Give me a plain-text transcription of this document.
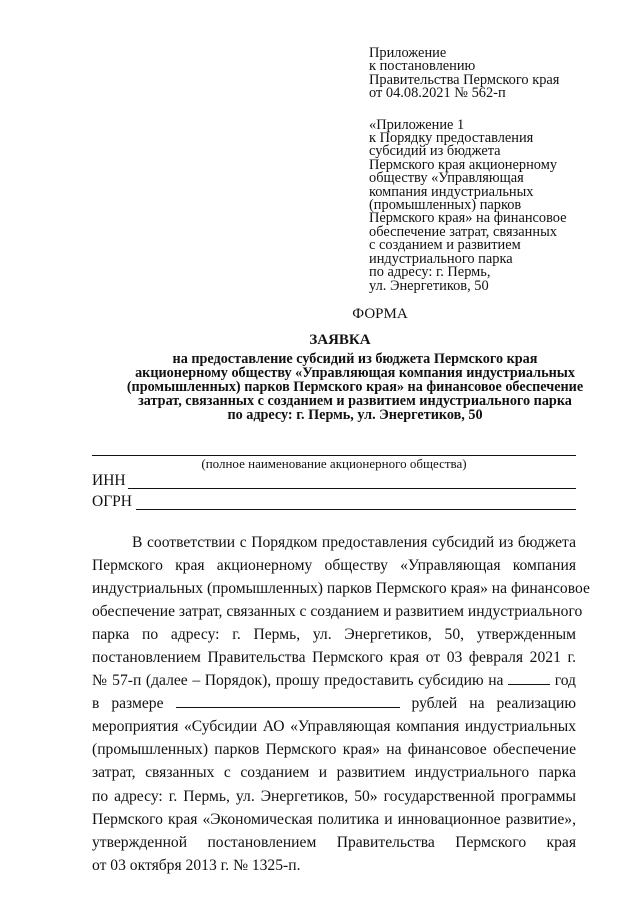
Приложение
к постановлению
Правительства Пермского края
от 04.08.2021 № 562-п
«Приложение 1
к Порядку предоставления
субсидий из бюджета
Пермского края акционерному
обществу «Управляющая
компания индустриальных
(промышленных) парков
Пермского края» на финансовое
обеспечение затрат, связанных
с созданием и развитием
индустриального парка
по адресу: г. Пермь,
ул. Энергетиков, 50
ФОРМА
ЗАЯВКА
на предоставление субсидий из бюджета Пермского края
акционерному обществу «Управляющая компания индустриальных
(промышленных) парков Пермского края» на финансовое обеспечение
затрат, связанных с созданием и развитием индустриального парка
по адресу: г. Пермь, ул. Энергетиков, 50
(полное наименование акционерного общества)
ИНН
ОГРН
В соответствии с Порядком предоставления субсидий из бюджета
Пермского края акционерному обществу «Управляющая компания
индустриальных (промышленных) парков Пермского края» на финансовое
обеспечение затрат, связанных с созданием и развитием индустриального
парка по адресу: г. Пермь, ул. Энергетиков, 50, утвержденным
постановлением Правительства Пермского края от 03 февраля 2021 г.
№ 57-п (далее – Порядок), прошу предоставить субсидию на	год
в размере	рублей на реализацию
мероприятия «Субсидии АО «Управляющая компания индустриальных
(промышленных) парков Пермского края» на финансовое обеспечение
затрат, связанных с созданием и развитием индустриального парка
по адресу: г. Пермь, ул. Энергетиков, 50» государственной программы
Пермского края «Экономическая политика и инновационное развитие»,
утвержденной постановлением Правительства Пермского края
от 03 октября 2013 г. № 1325-п.
